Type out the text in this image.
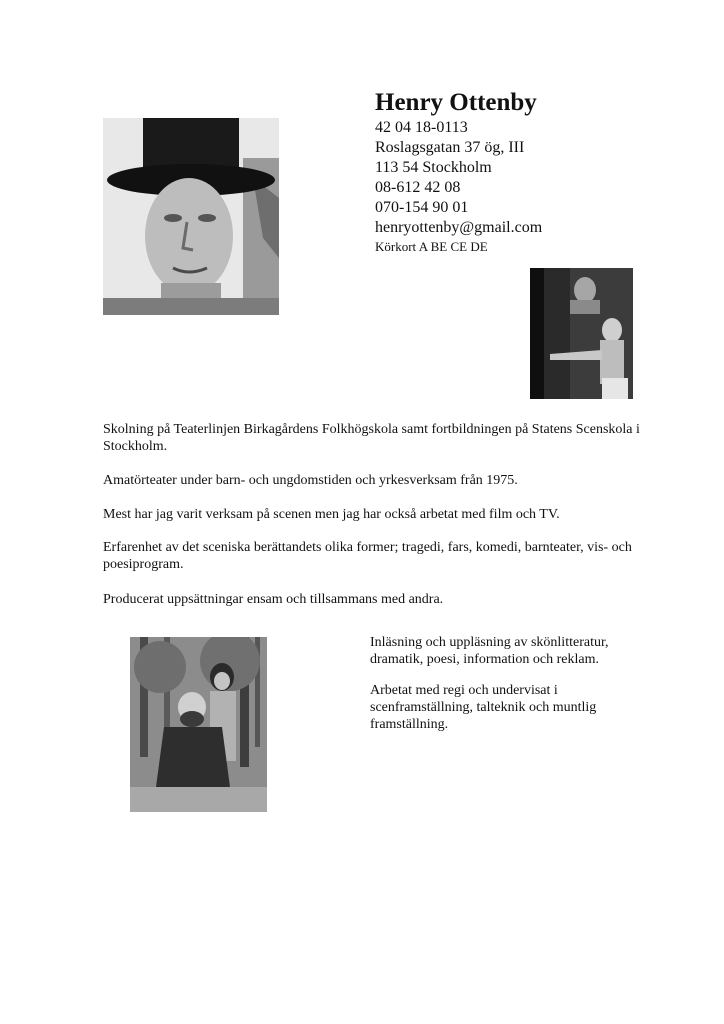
Henry Ottenby

42 04 18-0113

Roslagsgatan 37 ög, III

113 54 Stockholm

08-612 42 08

070-154 90 01

henryottenby@gmail.com

Körkort A BE CE DE

Skolning på Teaterlinjen Birkagårdens Folkhögskola samt fortbildningen på Statens Scenskola i Stockholm.

Amatörteater under barn- och ungdomstiden och yrkesverksam från 1975.

Mest har jag varit verksam på scenen men jag har också arbetat med film och TV.

Erfarenhet av det sceniska berättandets olika former; tragedi, fars, komedi, barnteater, vis- och poesiprogram.

Producerat uppsättningar ensam och tillsammans med andra.

Inläsning och uppläsning av skönlitteratur, dramatik, poesi, information och reklam.

Arbetat med regi och undervisat i scenframställning, talteknik och muntlig framställning.
